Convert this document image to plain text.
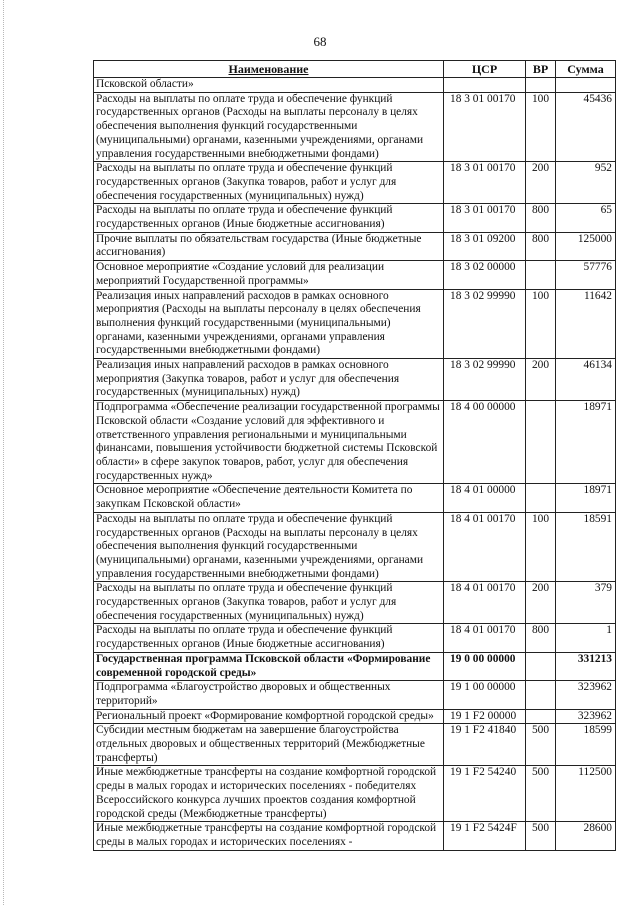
68
Наименование	ЦСР	ВР	Сумма
Псковской области»			
Расходы на выплаты по оплате труда и обеспечение функций государственных органов (Расходы на выплаты персоналу в целях обеспечения выполнения функций государственными (муниципальными) органами, казенными учреждениями, органами управления государственными внебюджетными фондами)	18 3 01 00170	100	45436
Расходы на выплаты по оплате труда и обеспечение функций государственных органов (Закупка товаров, работ и услуг для обеспечения государственных (муниципальных) нужд)	18 3 01 00170	200	952
Расходы на выплаты по оплате труда и обеспечение функций государственных органов (Иные бюджетные ассигнования)	18 3 01 00170	800	65
Прочие выплаты по обязательствам государства (Иные бюджетные ассигнования)	18 3 01 09200	800	125000
Основное мероприятие «Создание условий для реализации мероприятий Государственной программы»	18 3 02 00000		57776
Реализация иных направлений расходов в рамках основного мероприятия (Расходы на выплаты персоналу в целях обеспечения выполнения функций государственными (муниципальными) органами, казенными учреждениями, органами управления государственными внебюджетными фондами)	18 3 02 99990	100	11642
Реализация иных направлений расходов в рамках основного мероприятия (Закупка товаров, работ и услуг для обеспечения государственных (муниципальных) нужд)	18 3 02 99990	200	46134
Подпрограмма «Обеспечение реализации государственной программы Псковской области «Создание условий для эффективного и ответственного управления региональными и муниципальными финансами, повышения устойчивости бюджетной системы Псковской области» в сфере закупок товаров, работ, услуг для обеспечения государственных нужд»	18 4 00 00000		18971
Основное мероприятие «Обеспечение деятельности Комитета по закупкам Псковской области»	18 4 01 00000		18971
Расходы на выплаты по оплате труда и обеспечение функций государственных органов (Расходы на выплаты персоналу в целях обеспечения выполнения функций государственными (муниципальными) органами, казенными учреждениями, органами управления государственными внебюджетными фондами)	18 4 01 00170	100	18591
Расходы на выплаты по оплате труда и обеспечение функций государственных органов (Закупка товаров, работ и услуг для обеспечения государственных (муниципальных) нужд)	18 4 01 00170	200	379
Расходы на выплаты по оплате труда и обеспечение функций государственных органов (Иные бюджетные ассигнования)	18 4 01 00170	800	1
Государственная программа Псковской области «Формирование современной городской среды»	19 0 00 00000		331213
Подпрограмма «Благоустройство дворовых и общественных территорий»	19 1 00 00000		323962
Региональный проект «Формирование комфортной городской среды»	19 1 F2 00000		323962
Субсидии местным бюджетам на завершение благоустройства отдельных дворовых и общественных территорий (Межбюджетные трансферты)	19 1 F2 41840	500	18599
Иные межбюджетные трансферты на создание комфортной городской среды в малых городах и исторических поселениях - победителях Всероссийского конкурса лучших проектов создания комфортной городской среды (Межбюджетные трансферты)	19 1 F2 54240	500	112500
Иные межбюджетные трансферты на создание комфортной городской среды в малых городах и исторических поселениях -	19 1 F2 5424F	500	28600
